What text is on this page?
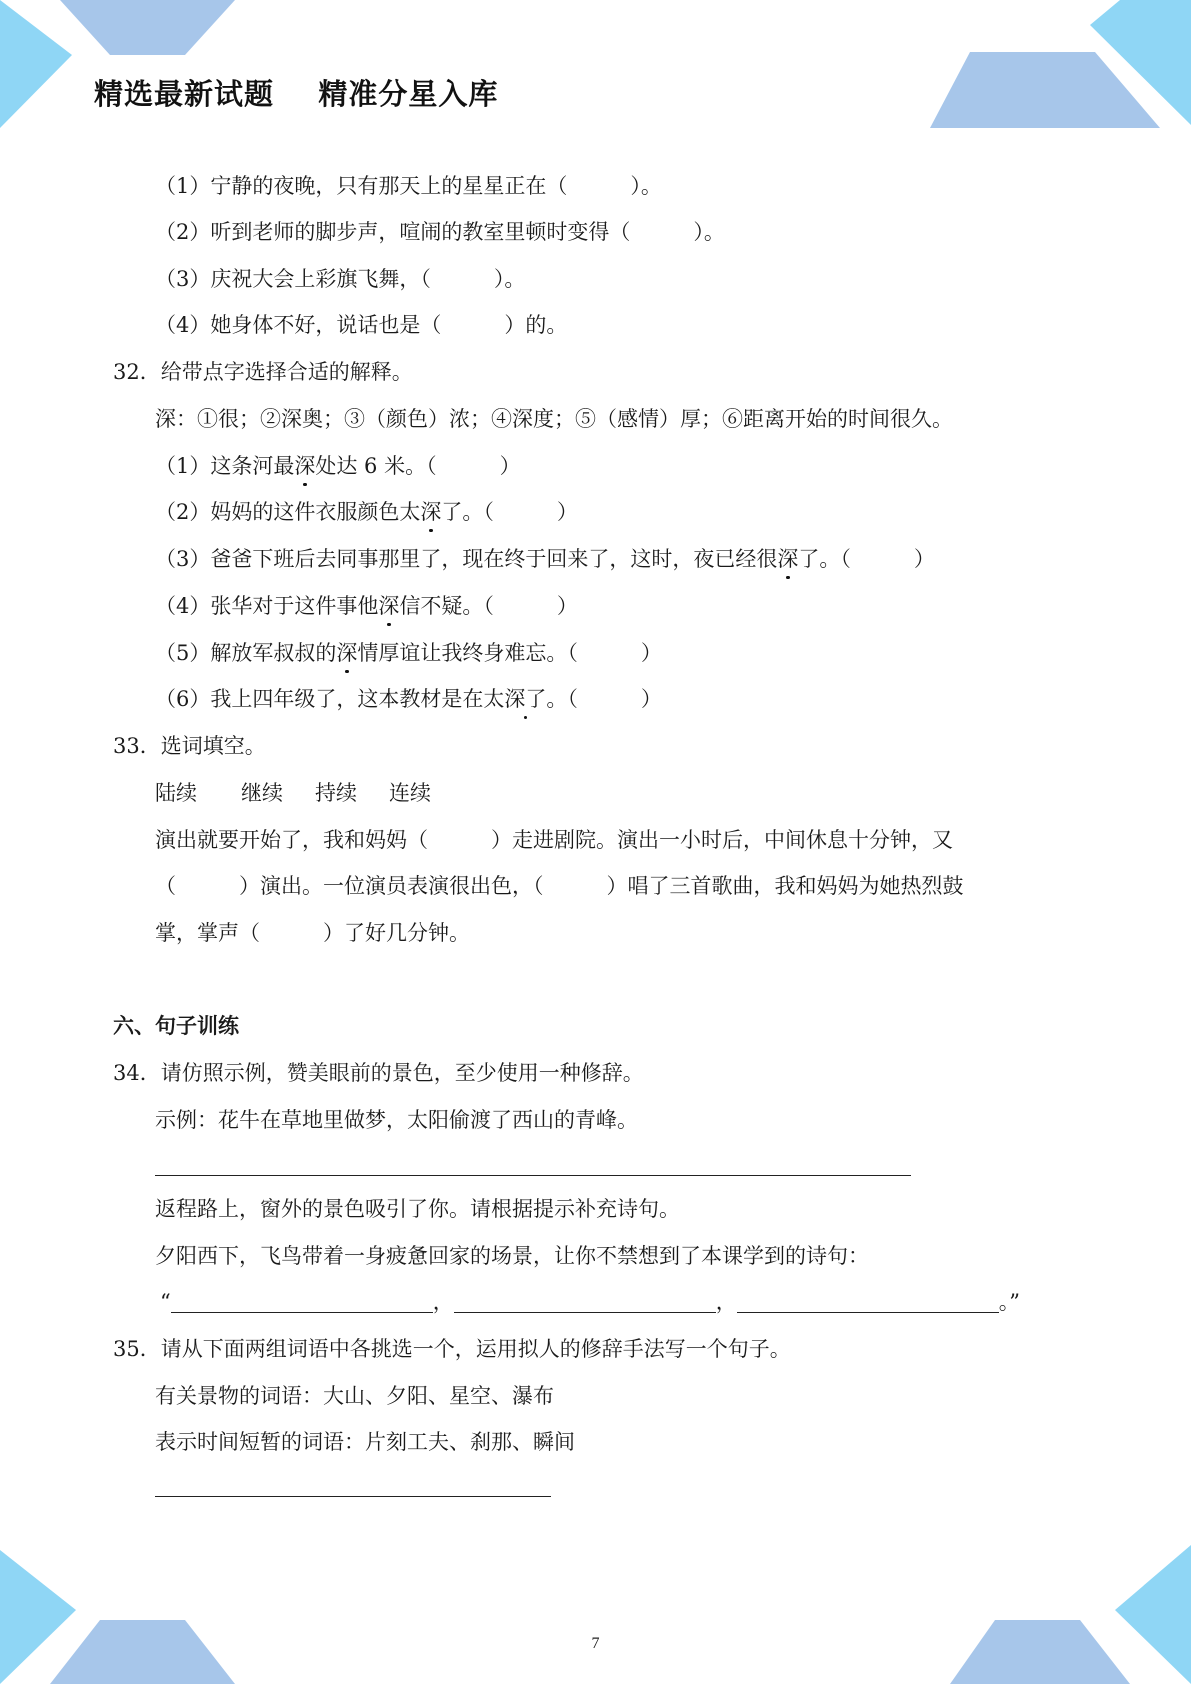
精选最新试题    精准分星入库
（1）宁静的夜晚，只有那天上的星星正在（　　　）。
（2）听到老师的脚步声，喧闹的教室里顿时变得（　　　）。
（3）庆祝大会上彩旗飞舞，（　　　）。
（4）她身体不好，说话也是（　　　）的。
32．给带点字选择合适的解释。
深：①很；②深奥；③（颜色）浓；④深度；⑤（感情）厚；⑥距离开始的时间很久。
（1）这条河最深处达 6 米。（　　　）
（2）妈妈的这件衣服颜色太深了。（　　　）
（3）爸爸下班后去同事那里了，现在终于回来了，这时，夜已经很深了。（　　　）
（4）张华对于这件事他深信不疑。（　　　）
（5）解放军叔叔的深情厚谊让我终身难忘。（　　　）
（6）我上四年级了，这本教材是在太深了。（　　　）
33．选词填空。
陆续 继续 持续 连续
演出就要开始了，我和妈妈（　　　）走进剧院。演出一小时后，中间休息十分钟，又
（　　　）演出。一位演员表演很出色，（　　　）唱了三首歌曲，我和妈妈为她热烈鼓
掌，掌声（　　　）了好几分钟。
六、句子训练
34．请仿照示例，赞美眼前的景色，至少使用一种修辞。
示例：花牛在草地里做梦，太阳偷渡了西山的青峰。
返程路上，窗外的景色吸引了你。请根据提示补充诗句。
夕阳西下，飞鸟带着一身疲惫回家的场景，让你不禁想到了本课学到的诗句：
“	，	，	。”
35．请从下面两组词语中各挑选一个，运用拟人的修辞手法写一个句子。
有关景物的词语：大山、夕阳、星空、瀑布
表示时间短暂的词语：片刻工夫、刹那、瞬间
7
